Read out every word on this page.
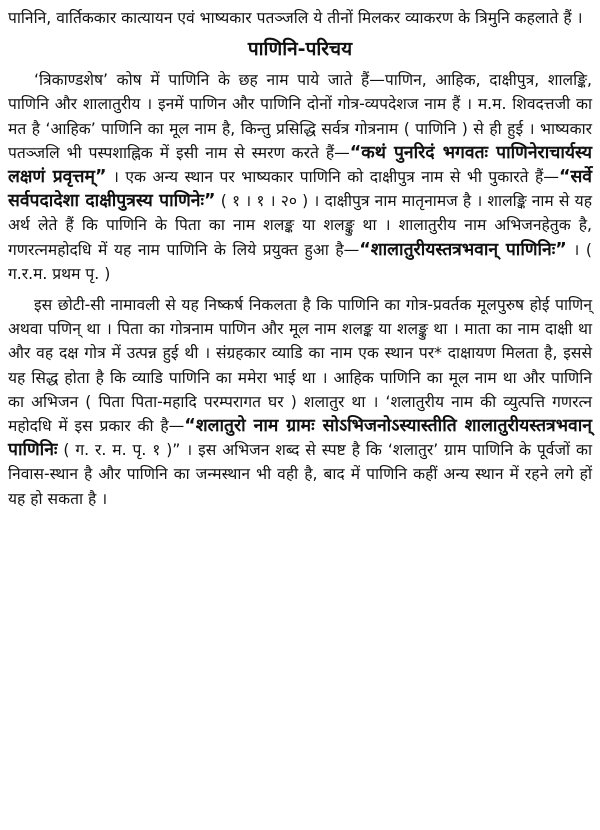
पानिनि, वार्तिककार कात्यायन एवं भाष्यकार पतञ्जलि ये तीनों मिलकर व्याकरण के त्रिमुनि कहलाते हैं ।

पाणिनि-परिचय

‘त्रिकाण्डशेष’ कोष में पाणिनि के छह नाम पाये जाते हैं—पाणिन, आहिक, दाक्षीपुत्र, शालङ्कि, पाणिनि और शालातुरीय । इनमें पाणिन और पाणिनि दोनों गोत्र-व्यपदेशज नाम हैं । म.म. शिवदत्तजी का मत है ‘आहिक’ पाणिनि का मूल नाम है, किन्तु प्रसिद्धि सर्वत्र गोत्रनाम ( पाणिनि ) से ही हुई । भाष्यकार पतञ्जलि भी पस्पशाह्निक में इसी नाम से स्मरण करते हैं—“कथं पुनरिदं भगवतः पाणिनेराचार्यस्य लक्षणं प्रवृत्तम्” । एक अन्य स्थान पर भाष्यकार पाणिनि को दाक्षीपुत्र नाम से भी पुकारते हैं—“सर्वे सर्वपदादेशा दाक्षीपुत्रस्य पाणिनेः” ( १ । १ । २० ) । दाक्षीपुत्र नाम मातृनामज है । शालङ्कि नाम से यह अर्थ लेते हैं कि पाणिनि के पिता का नाम शलङ्क या शलङ्कु था । शालातुरीय नाम अभिजनहेतुक है, गणरत्नमहोदधि में यह नाम पाणिनि के लिये प्रयुक्त हुआ है—“शालातुरीयस्तत्रभवान् पाणिनिः” । ( ग.र.म. प्रथम पृ. )

इस छोटी-सी नामावली से यह निष्कर्ष निकलता है कि पाणिनि का गोत्र-प्रवर्तक मूलपुरुष होई पाणिन् अथवा पणिन् था । पिता का गोत्रनाम पाणिन और मूल नाम शलङ्क या शलङ्कु था । माता का नाम दाक्षी था और वह दक्ष गोत्र में उत्पन्न हुई थी । संग्रहकार व्याडि का नाम एक स्थान पर* दाक्षायण मिलता है, इससे यह सिद्ध होता है कि व्याडि पाणिनि का ममेरा भाई था । आहिक पाणिनि का मूल नाम था और पाणिनि का अभिजन ( पिता पिता-महादि परम्परागत घर ) शलातुर था । ‘शलातुरीय नाम की व्युत्पत्ति गणरत्न महोदधि में इस प्रकार की है—“शलातुरो नाम ग्रामः सोऽभिजनोऽस्यास्तीति शालातुरीयस्तत्रभवान् पाणिनिः ( ग. र. म. पृ. १ )” । इस अभिजन शब्द से स्पष्ट है कि ‘शलातुर’ ग्राम पाणिनि के पूर्वजों का निवास-स्थान है और पाणिनि का जन्मस्थान भी वही है, बाद में पाणिनि कहीं अन्य स्थान में रहने लगे हों यह हो सकता है ।
